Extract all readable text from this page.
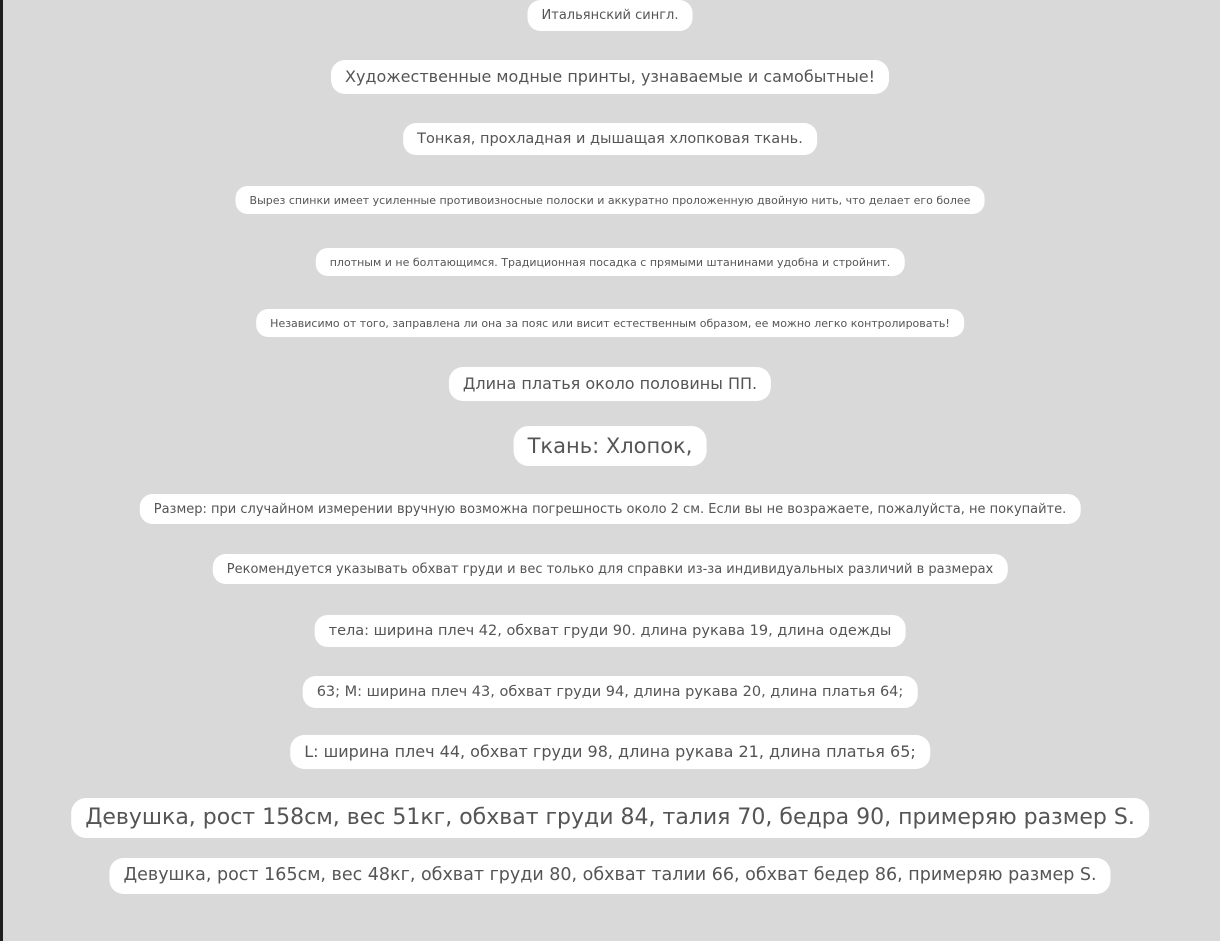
Итальянский сингл.
Художественные модные принты, узнаваемые и самобытные!
Тонкая, прохладная и дышащая хлопковая ткань.
Вырез спинки имеет усиленные противоизносные полоски и аккуратно проложенную двойную нить, что делает его более
плотным и не болтающимся. Традиционная посадка с прямыми штанинами удобна и стройнит.
Независимо от того, заправлена ли она за пояс или висит естественным образом, ее можно легко контролировать!
Длина платья около половины ПП.
Ткань: Хлопок,
Размер: при случайном измерении вручную возможна погрешность около 2 см. Если вы не возражаете, пожалуйста, не покупайте.
Рекомендуется указывать обхват груди и вес только для справки из-за индивидуальных различий в размерах
тела: ширина плеч 42, обхват груди 90. длина рукава 19, длина одежды
63; M: ширина плеч 43, обхват груди 94, длина рукава 20, длина платья 64;
L: ширина плеч 44, обхват груди 98, длина рукава 21, длина платья 65;
Девушка, рост 158см, вес 51кг, обхват груди 84, талия 70, бедра 90, примеряю размер S.
Девушка, рост 165см, вес 48кг, обхват груди 80, обхват талии 66, обхват бедер 86, примеряю размер S.
